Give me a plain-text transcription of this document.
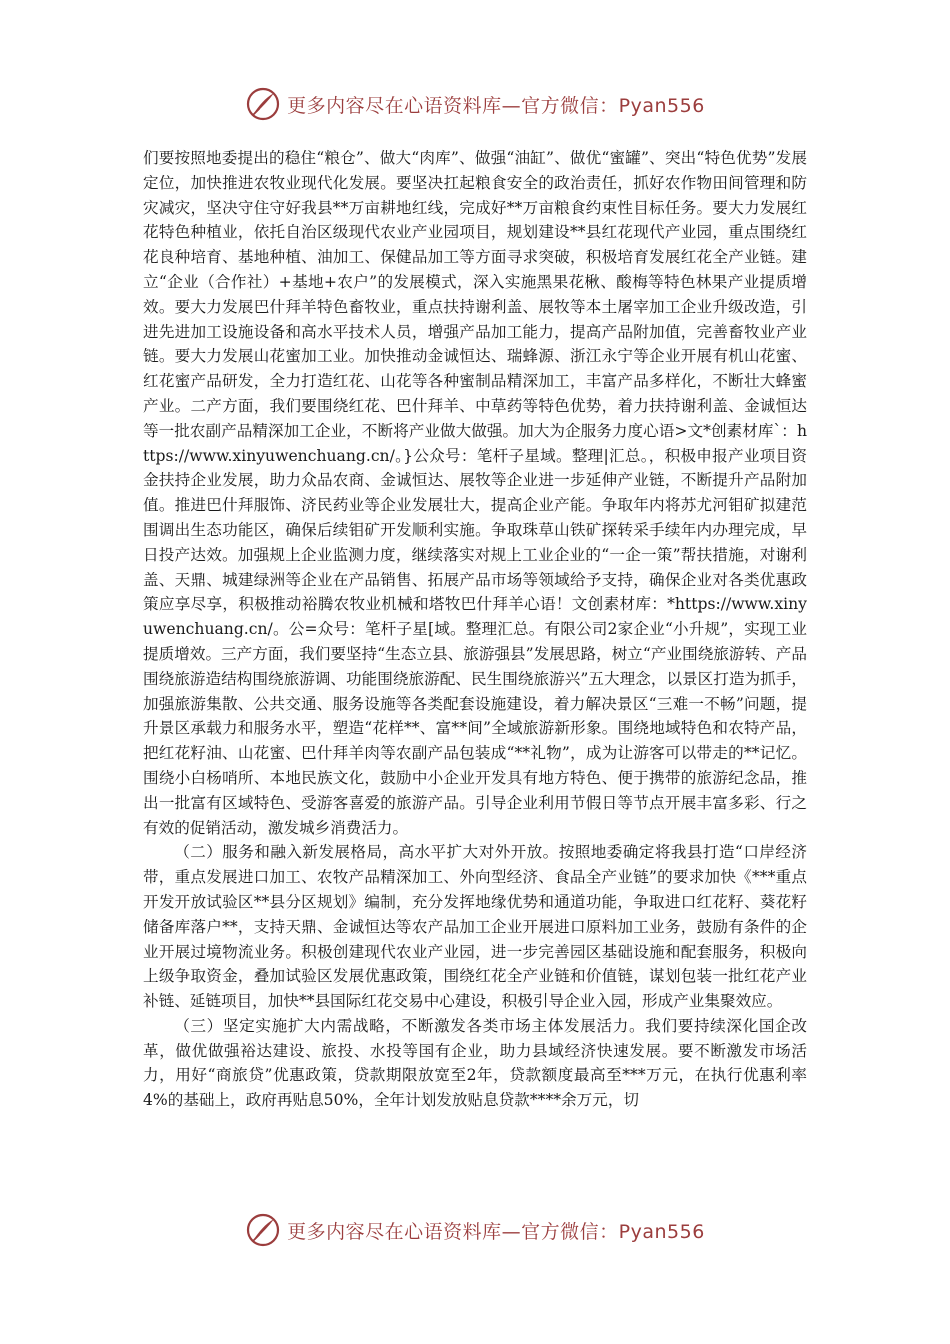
更多内容尽在心语资料库—官方微信：Pyan556

们要按照地委提出的稳住“粮仓”、做大“肉库”、做强“油缸”、做优“蜜罐”、突出“特色优势”发展定位，加快推进农牧业现代化发展。要坚决扛起粮食安全的政治责任，抓好农作物田间管理和防灾减灾，坚决守住守好我县**万亩耕地红线，完成好**万亩粮食约束性目标任务。要大力发展红花特色种植业，依托自治区级现代农业产业园项目，规划建设**县红花现代产业园，重点围绕红花良种培育、基地种植、油加工、保健品加工等方面寻求突破，积极培育发展红花全产业链。建立“企业（合作社）+基地+农户”的发展模式，深入实施黑果花楸、酸梅等特色林果产业提质增效。要大力发展巴什拜羊特色畜牧业，重点扶持谢利盖、展牧等本土屠宰加工企业升级改造，引进先进加工设施设备和高水平技术人员，增强产品加工能力，提高产品附加值，完善畜牧业产业链。要大力发展山花蜜加工业。加快推动金诚恒达、瑞蜂源、浙江永宁等企业开展有机山花蜜、红花蜜产品研发，全力打造红花、山花等各种蜜制品精深加工，丰富产品多样化，不断壮大蜂蜜产业。二产方面，我们要围绕红花、巴什拜羊、中草药等特色优势，着力扶持谢利盖、金诚恒达等一批农副产品精深加工企业，不断将产业做大做强。加大为企服务力度心语>文*创素材库`：https://www.xinyuwenchuang.cn/。}公众号：笔杆子星域。整理|汇总。，积极申报产业项目资金扶持企业发展，助力众品农商、金诚恒达、展牧等企业进一步延伸产业链，不断提升产品附加值。推进巴什拜服饰、济民药业等企业发展壮大，提高企业产能。争取年内将苏尤河钼矿拟建范围调出生态功能区，确保后续钼矿开发顺利实施。争取珠草山铁矿探转采手续年内办理完成，早日投产达效。加强规上企业监测力度，继续落实对规上工业企业的“一企一策”帮扶措施，对谢利盖、天鼎、城建绿洲等企业在产品销售、拓展产品市场等领域给予支持，确保企业对各类优惠政策应享尽享，积极推动裕腾农牧业机械和塔牧巴什拜羊心语！文创素材库：*https://www.xinyuwenchuang.cn/。公=众号：笔杆子星[域。整理汇总。有限公司2家企业“小升规”，实现工业提质增效。三产方面，我们要坚持“生态立县、旅游强县”发展思路，树立“产业围绕旅游转、产品围绕旅游造结构围绕旅游调、功能围绕旅游配、民生围绕旅游兴”五大理念，以景区打造为抓手，加强旅游集散、公共交通、服务设施等各类配套设施建设，着力解决景区“三难一不畅”问题，提升景区承载力和服务水平，塑造“花样**、富**间”全域旅游新形象。围绕地域特色和农特产品，把红花籽油、山花蜜、巴什拜羊肉等农副产品包装成“**礼物”，成为让游客可以带走的**记忆。围绕小白杨哨所、本地民族文化，鼓励中小企业开发具有地方特色、便于携带的旅游纪念品，推出一批富有区域特色、受游客喜爱的旅游产品。引导企业利用节假日等节点开展丰富多彩、行之有效的促销活动，激发城乡消费活力。

（二）服务和融入新发展格局，高水平扩大对外开放。按照地委确定将我县打造“口岸经济带，重点发展进口加工、农牧产品精深加工、外向型经济、食品全产业链”的要求加快《***重点开发开放试验区**县分区规划》编制，充分发挥地缘优势和通道功能，争取进口红花籽、葵花籽储备库落户**，支持天鼎、金诚恒达等农产品加工企业开展进口原料加工业务，鼓励有条件的企业开展过境物流业务。积极创建现代农业产业园，进一步完善园区基础设施和配套服务，积极向上级争取资金，叠加试验区发展优惠政策，围绕红花全产业链和价值链，谋划包装一批红花产业补链、延链项目，加快**县国际红花交易中心建设，积极引导企业入园，形成产业集聚效应。

（三）坚定实施扩大内需战略，不断激发各类市场主体发展活力。我们要持续深化国企改革，做优做强裕达建设、旅投、水投等国有企业，助力县域经济快速发展。要不断激发市场活力，用好“商旅贷”优惠政策，贷款期限放宽至2年，贷款额度最高至***万元，在执行优惠利率4%的基础上，政府再贴息50%，全年计划发放贴息贷款****余万元，切

更多内容尽在心语资料库—官方微信：Pyan556
